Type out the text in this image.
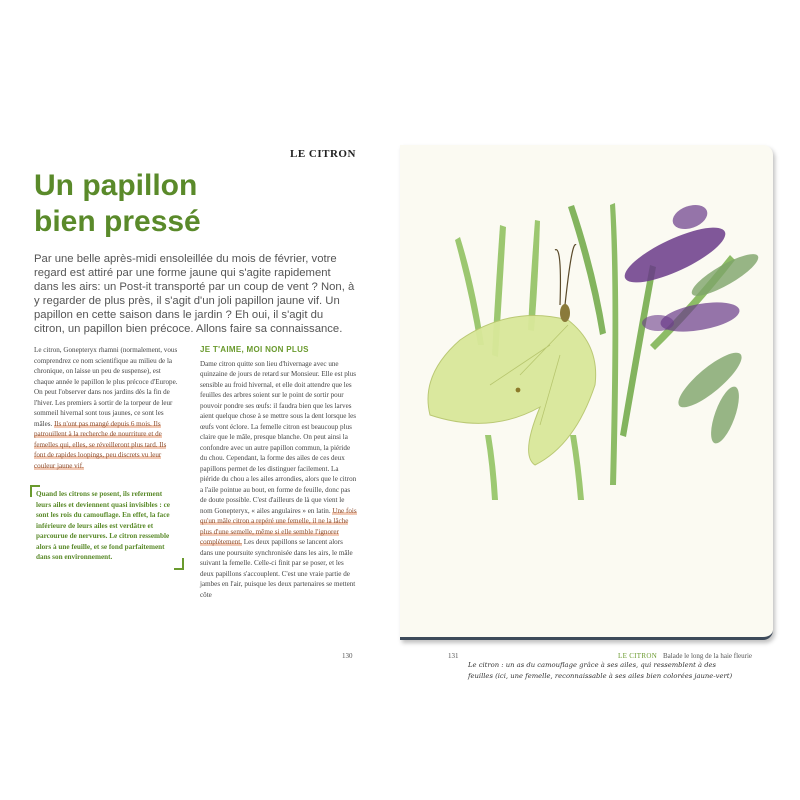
LE CITRON
Un papillon
bien pressé

Par une belle après-midi ensoleillée du mois de février, votre regard est attiré par une forme jaune qui s'agite rapidement dans les airs: un Post-it transporté par un coup de vent ? Non, à y regarder de plus près, il s'agit d'un joli papillon jaune vif. Un papillon en cette saison dans le jardin ? Eh oui, il s'agit du citron, un papillon bien précoce. Allons faire sa connaissance.

Le citron, Gonepteryx rhamni (normalement, vous comprendrez ce nom scientifique au milieu de la chronique, on laisse un peu de suspense), est chaque année le papillon le plus précoce d'Europe. On peut l'observer dans nos jardins dès la fin de l'hiver. Les premiers à sortir de la torpeur de leur sommeil hivernal sont tous jaunes, ce sont les mâles. Ils n'ont pas mangé depuis 6 mois. Ils patrouillent à la recherche de nourriture et de femelles qui, elles, se réveilleront plus tard. Ils font de rapides loopings, peu discrets vu leur couleur jaune vif.
Quand les citrons se posent, ils referment leurs ailes et deviennent quasi invisibles : ce sont les rois du camouflage. En effet, la face inférieure de leurs ailes est verdâtre et parcourue de nervures. Le citron ressemble alors à une feuille, et se fond parfaitement dans son environnement.
JE T'AIME, MOI NON PLUS
Dame citron quitte son lieu d'hivernage avec une quinzaine de jours de retard sur Monsieur. Elle est plus sensible au froid hivernal, et elle doit attendre que les feuilles des arbres soient sur le point de sortir pour pouvoir pondre ses œufs: il faudra bien que les larves aient quelque chose à se mettre sous la dent lorsque les œufs vont éclore. La femelle citron est beaucoup plus claire que le mâle, presque blanche. On peut ainsi la confondre avec un autre papillon commun, la piéride du chou. Cependant, la forme des ailes de ces deux papillons permet de les distinguer facilement. La piéride du chou a les ailes arrondies, alors que le citron a l'aile pointue au bout, en forme de feuille, donc pas de doute possible. C'est d'ailleurs de là que vient le nom Gonepteryx, « ailes angulaires » en latin. Une fois qu'un mâle citron a repéré une femelle, il ne la lâche plus d'une semelle, même si elle semble l'ignorer complètement. Les deux papillons se lancent alors dans une poursuite synchronisée dans les airs, le mâle suivant la femelle. Celle-ci finit par se poser, et les deux papillons s'accouplent. C'est une vraie partie de jambes en l'air, puisque les deux partenaires se mettent côte
130
Le citron : un as du camouflage grâce à ses ailes, qui ressemblent à des feuilles (ici, une femelle, reconnaissable à ses ailes bien colorées jaune-vert)
131	LE CITRON Balade le long de la haie fleurie
